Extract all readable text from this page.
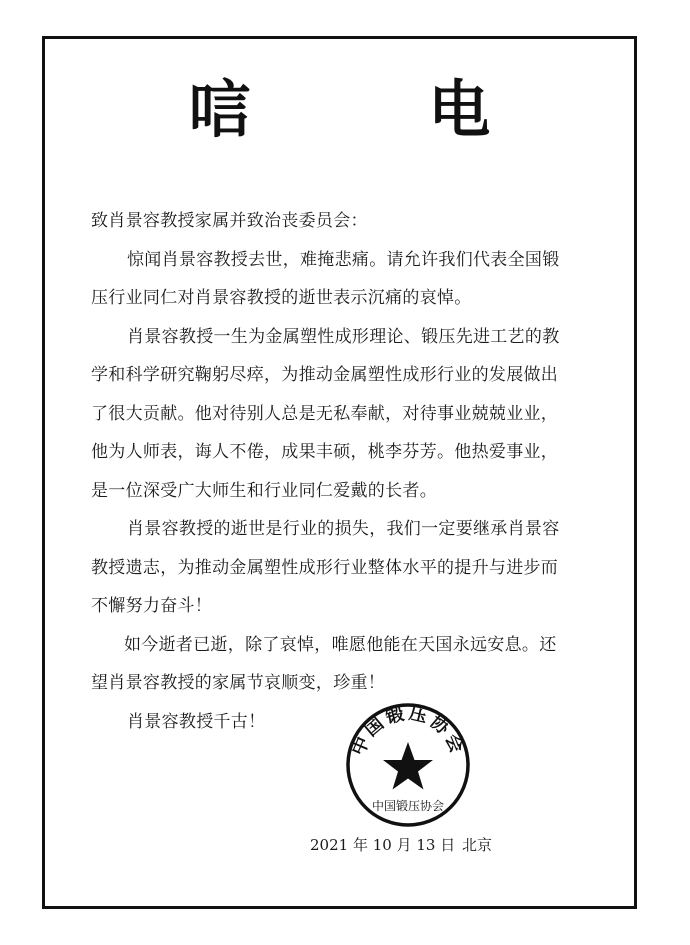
唁 电
致肖景容教授家属并致治丧委员会：
惊闻肖景容教授去世，难掩悲痛。请允许我们代表全国锻
压行业同仁对肖景容教授的逝世表示沉痛的哀悼。
肖景容教授一生为金属塑性成形理论、锻压先进工艺的教
学和科学研究鞠躬尽瘁，为推动金属塑性成形行业的发展做出
了很大贡献。他对待别人总是无私奉献，对待事业兢兢业业，
他为人师表，诲人不倦，成果丰硕，桃李芬芳。他热爱事业，
是一位深受广大师生和行业同仁爱戴的长者。
肖景容教授的逝世是行业的损失，我们一定要继承肖景容
教授遗志，为推动金属塑性成形行业整体水平的提升与进步而
不懈努力奋斗！
如今逝者已逝，除了哀悼，唯愿他能在天国永远安息。还
望肖景容教授的家属节哀顺变，珍重！
肖景容教授千古！
中国锻压协会
中国锻压协会
2021 年 10 月 13 日 北京
